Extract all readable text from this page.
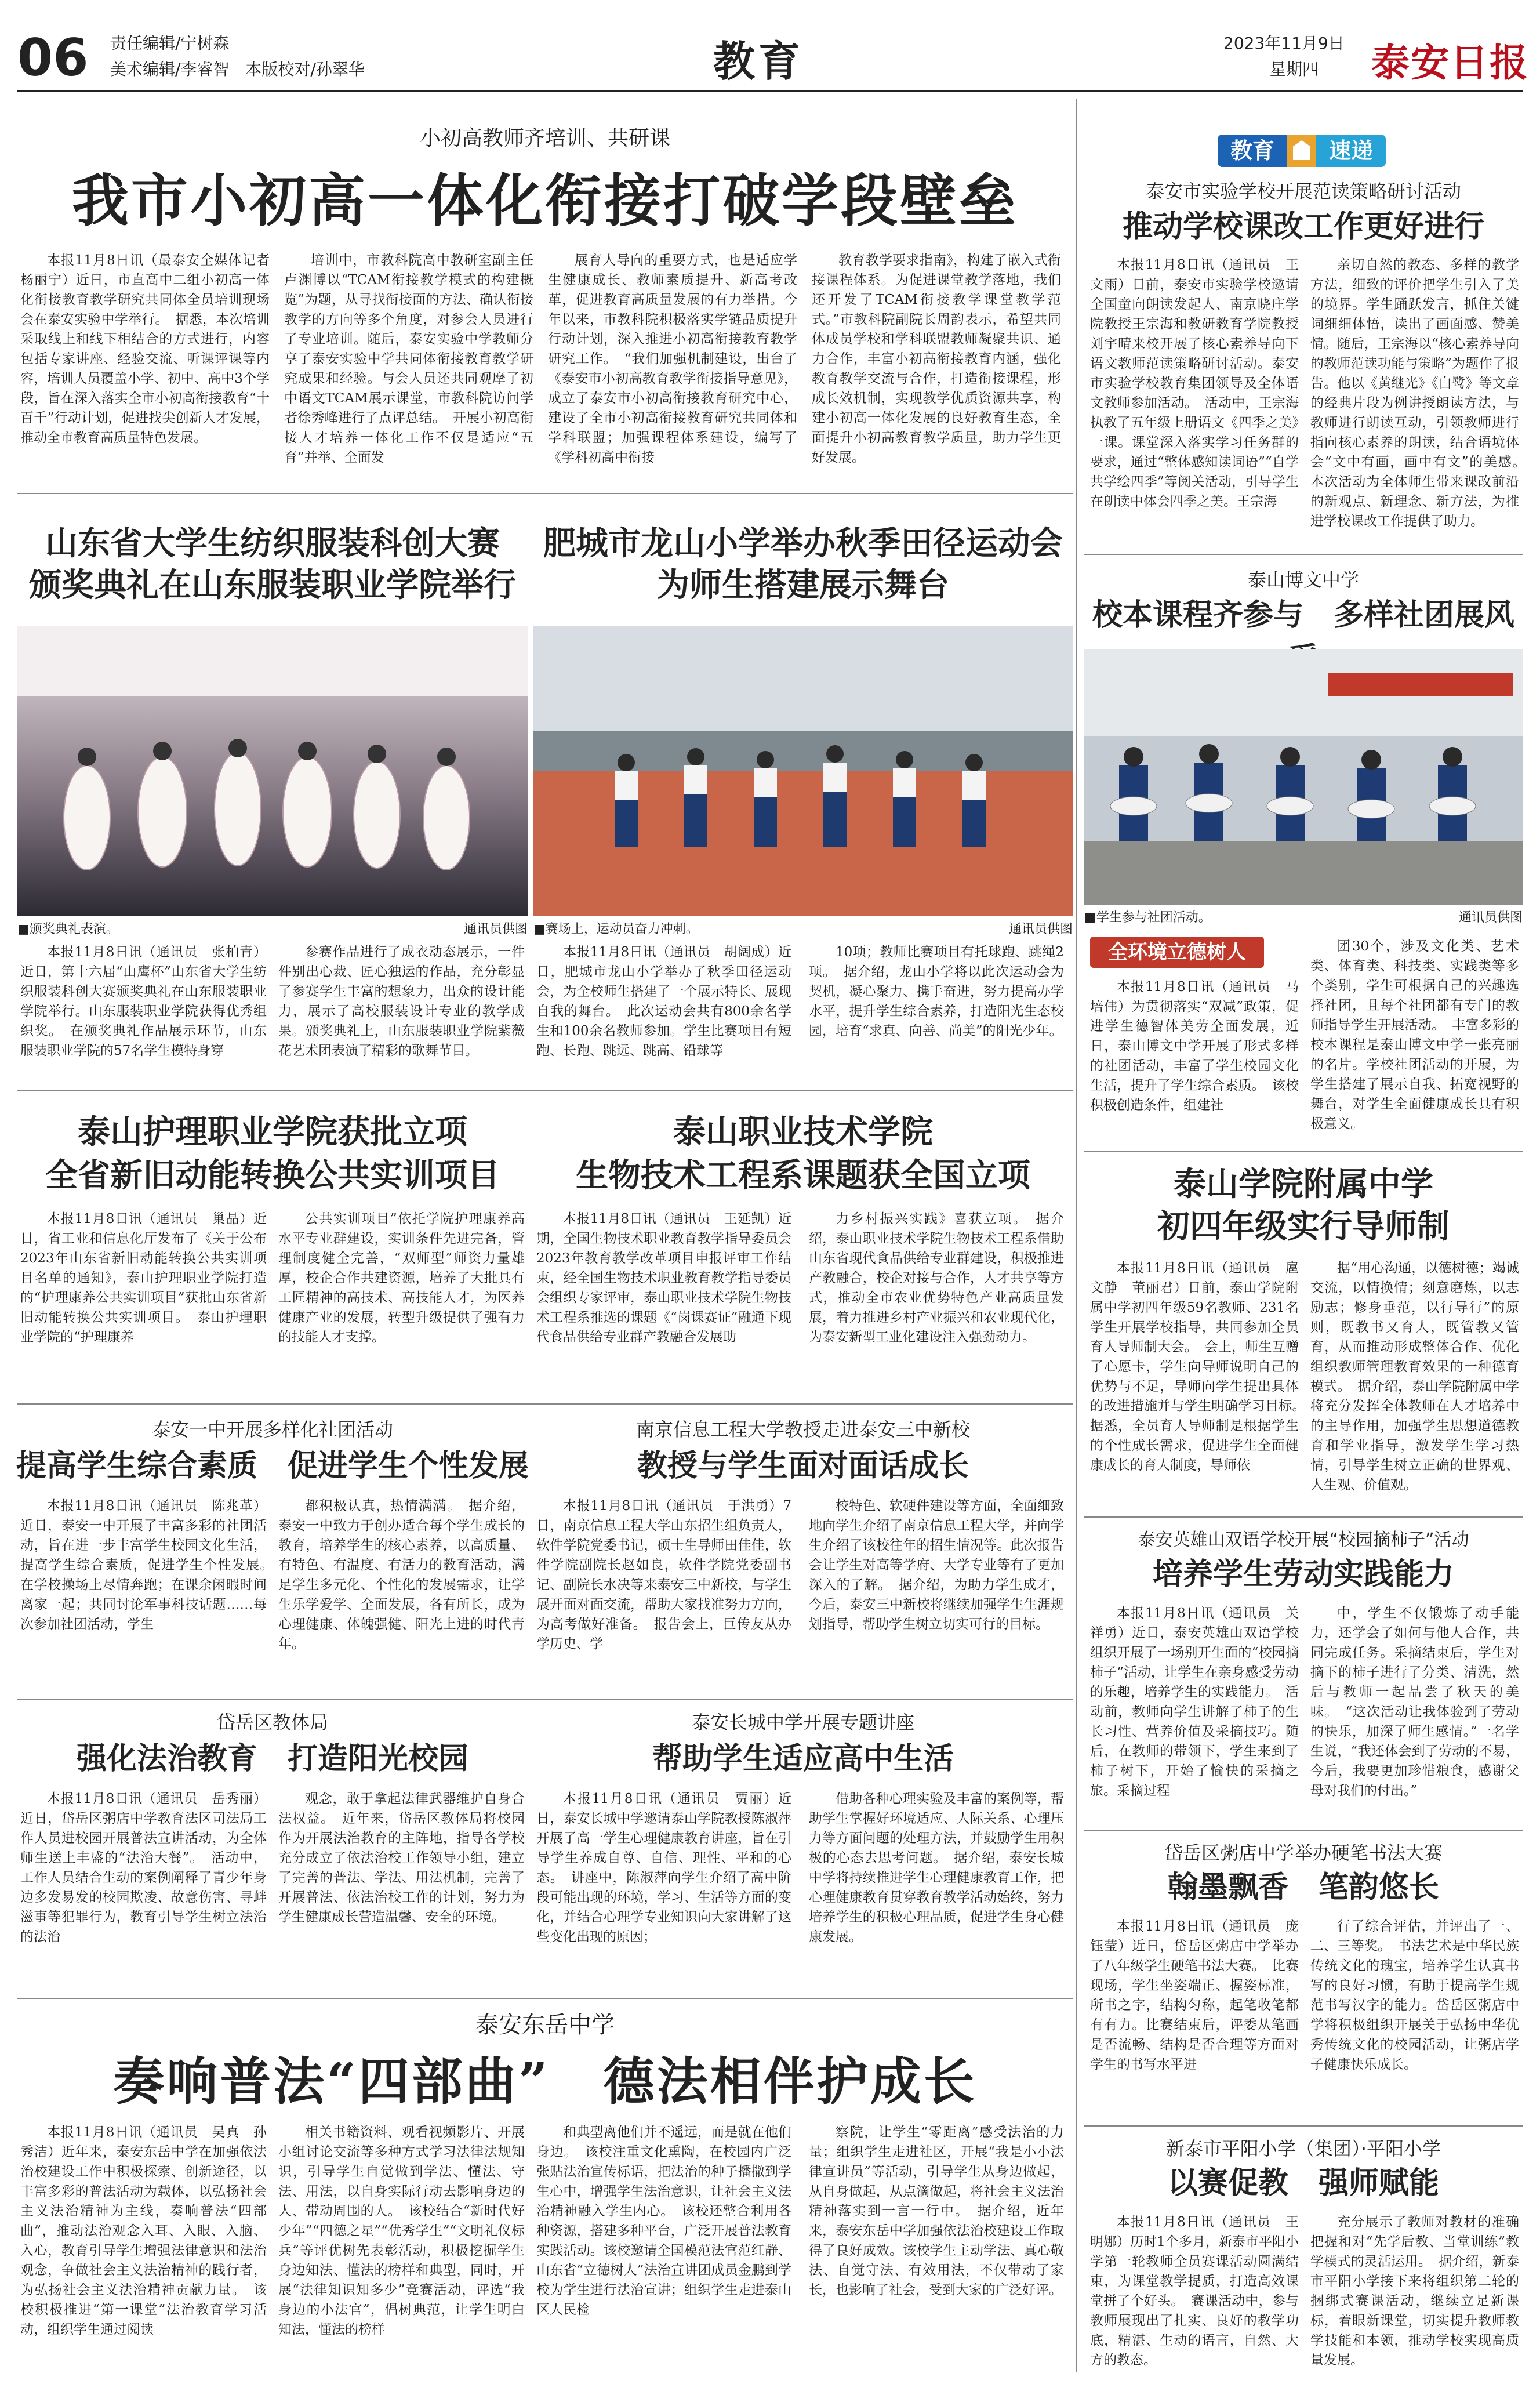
06 责任编辑/宁树森
美术编辑/李睿智　本版校对/孙翠华	教育	2023年11月9日
星期四 泰安日报
小初高教师齐培训、共研课
我市小初高一体化衔接打破学段壁垒
本报11月8日讯（最泰安全媒体记者　杨丽宁）近日，市直高中二组小初高一体化衔接教育教学研究共同体全员培训现场会在泰安实验中学举行。　据悉，本次培训采取线上和线下相结合的方式进行，内容包括专家讲座、经验交流、听课评课等内容，培训人员覆盖小学、初中、高中3个学段，旨在深入落实全市小初高衔接教育“十百千”行动计划，促进找尖创新人才发展，推动全市教育高质量特色发展。
培训中，市教科院高中教研室副主任卢渊博以“TCAM衔接教学模式的构建概览”为题，从寻找衔接面的方法、确认衔接教学的方向等多个角度，对参会人员进行了专业培训。随后，泰安实验中学教师分享了泰安实验中学共同体衔接教育教学研究成果和经验。与会人员还共同观摩了初中语文TCAM展示课堂，市教科院访问学者徐秀峰进行了点评总结。　开展小初高衔接人才培养一体化工作不仅是适应“五育”并举、全面发
展育人导向的重要方式，也是适应学生健康成长、教师素质提升、新高考改革，促进教育高质量发展的有力举措。今年以来，市教科院积极落实学链品质提升行动计划，深入推进小初高衔接教育教学研究工作。　“我们加强机制建设，出台了《泰安市小初高教育教学衔接指导意见》，成立了泰安市小初高衔接教育研究中心，建设了全市小初高衔接教育研究共同体和学科联盟；加强课程体系建设，编写了《学科初高中衔接
教育教学要求指南》，构建了嵌入式衔接课程体系。为促进课堂教学落地，我们还开发了TCAM衔接教学课堂教学范式。”市教科院副院长周韵表示，希望共同体成员学校和学科联盟教师凝聚共识、通力合作，丰富小初高衔接教育内涵，强化教育教学交流与合作，打造衔接课程，形成长效机制，实现教学优质资源共享，构建小初高一体化发展的良好教育生态，全面提升小初高教育教学质量，助力学生更好发展。
山东省大学生纺织服装科创大赛
颁奖典礼在山东服装职业学院举行
■颁奖典礼表演。	通讯员供图
本报11月8日讯（通讯员　张柏青）近日，第十六届“山鹰杯”山东省大学生纺织服装科创大赛颁奖典礼在山东服装职业学院举行。山东服装职业学院获得优秀组织奖。　在颁奖典礼作品展示环节，山东服装职业学院的57名学生模特身穿
参赛作品进行了成衣动态展示，一件件别出心裁、匠心独运的作品，充分彰显了参赛学生丰富的想象力，出众的设计能力，展示了高校服装设计专业的教学成果。颁奖典礼上，山东服装职业学院紫薇花艺术团表演了精彩的歌舞节目。
肥城市龙山小学举办秋季田径运动会
为师生搭建展示舞台
■赛场上，运动员奋力冲刺。	通讯员供图
本报11月8日讯（通讯员　胡阔成）近日，肥城市龙山小学举办了秋季田径运动会，为全校师生搭建了一个展示特长、展现自我的舞台。　此次运动会共有800余名学生和100余名教师参加。学生比赛项目有短跑、长跑、跳远、跳高、铅球等
10项；教师比赛项目有托球跑、跳绳2项。　据介绍，龙山小学将以此次运动会为契机，凝心聚力、携手奋进，努力提高办学水平，提升学生综合素养，打造阳光生态校园，培育“求真、向善、尚美”的阳光少年。
泰山护理职业学院获批立项
全省新旧动能转换公共实训项目
本报11月8日讯（通讯员　巢晶）近日，省工业和信息化厅发布了《关于公布2023年山东省新旧动能转换公共实训项目名单的通知》，泰山护理职业学院打造的“护理康养公共实训项目”获批山东省新旧动能转换公共实训项目。　泰山护理职业学院的“护理康养
公共实训项目”依托学院护理康养高水平专业群建设，实训条件先进完备，管理制度健全完善，“双师型”师资力量雄厚，校企合作共建资源，培养了大批具有工匠精神的高技术、高技能人才，为医养健康产业的发展，转型升级提供了强有力的技能人才支撑。
泰山职业技术学院
生物技术工程系课题获全国立项
本报11月8日讯（通讯员　王延凯）近期，全国生物技术职业教育教学指导委员会2023年教育教学改革项目申报评审工作结束，经全国生物技术职业教育教学指导委员会组织专家评审，泰山职业技术学院生物技术工程系推选的课题《“岗课赛证”融通下现代食品供给专业群产教融合发展助
力乡村振兴实践》喜获立项。　据介绍，泰山职业技术学院生物技术工程系借助山东省现代食品供给专业群建设，积极推进产教融合，校企对接与合作，人才共享等方式，推动全市农业优势特色产业高质量发展，着力推进乡村产业振兴和农业现代化，为泰安新型工业化建设注入强劲动力。
泰安一中开展多样化社团活动
提高学生综合素质　促进学生个性发展
本报11月8日讯（通讯员　陈兆革）近日，泰安一中开展了丰富多彩的社团活动，旨在进一步丰富学生校园文化生活，提高学生综合素质，促进学生个性发展。　在学校操场上尽情奔跑；在课余闲暇时间离家一起；共同讨论军事科技话题……每次参加社团活动，学生
都积极认真，热情满满。　据介绍，泰安一中致力于创办适合每个学生成长的教育，培养学生的核心素养，以高质量、有特色、有温度、有活力的教育活动，满足学生多元化、个性化的发展需求，让学生乐学爱学、全面发展，各有所长，成为心理健康、体魄强健、阳光上进的时代青年。
南京信息工程大学教授走进泰安三中新校
教授与学生面对面话成长
本报11月8日讯（通讯员　于洪勇）7日，南京信息工程大学山东招生组负责人，软件学院党委书记，硕士生导师田佳佳，软件学院副院长赵如良，软件学院党委副书记、副院长水决等来泰安三中新校，与学生展开面对面交流，帮助大家找准努力方向，为高考做好准备。　报告会上，巨传友从办学历史、学
校特色、软硬件建设等方面，全面细致地向学生介绍了南京信息工程大学，并向学生介绍了该校往年的招生情况等。此次报告会让学生对高等学府、大学专业等有了更加深入的了解。　据介绍，为助力学生成才，今后，泰安三中新校将继续加强学生生涯规划指导，帮助学生树立切实可行的目标。
岱岳区教体局
强化法治教育　打造阳光校园
本报11月8日讯（通讯员　岳秀丽）近日，岱岳区粥店中学教育法区司法局工作人员进校园开展普法宣讲活动，为全体师生送上丰盛的“法治大餐”。　活动中，工作人员结合生动的案例阐释了青少年身边多发易发的校园欺凌、故意伤害、寻衅滋事等犯罪行为，教育引导学生树立法治的法治
观念，敢于拿起法律武器维护自身合法权益。　近年来，岱岳区教体局将校园作为开展法治教育的主阵地，指导各学校充分成立了依法治校工作领导小组，建立了完善的普法、学法、用法机制，完善了开展普法、依法治校工作的计划，努力为学生健康成长营造温馨、安全的环境。
泰安长城中学开展专题讲座
帮助学生适应高中生活
本报11月8日讯（通讯员　贾丽）近日，泰安长城中学邀请泰山学院教授陈淑萍开展了高一学生心理健康教育讲座，旨在引导学生养成自尊、自信、理性、平和的心态。　讲座中，陈淑萍向学生介绍了高中阶段可能出现的环境，学习、生活等方面的变化，并结合心理学专业知识向大家讲解了这些变化出现的原因；
借助各种心理实验及丰富的案例等，帮助学生掌握好环境适应、人际关系、心理压力等方面问题的处理方法，并鼓励学生用积极的心态去思考问题。　据介绍，泰安长城中学将持续推进学生心理健康教育工作，把心理健康教育贯穿教育教学活动始终，努力培养学生的积极心理品质，促进学生身心健康发展。
泰安东岳中学
奏响普法“四部曲”　德法相伴护成长
本报11月8日讯（通讯员　吴真　孙秀洁）近年来，泰安东岳中学在加强依法治校建设工作中积极探索、创新途径，以丰富多彩的普法活动为载体，以弘扬社会主义法治精神为主线，奏响普法“四部曲”，推动法治观念入耳、入眼、入脑、入心，教育引导学生增强法律意识和法治观念，争做社会主义法治精神的践行者，为弘扬社会主义法治精神贡献力量。　该校积极推进“第一课堂”法治教育学习活动，组织学生通过阅读
相关书籍资料、观看视频影片、开展小组讨论交流等多种方式学习法律法规知识，引导学生自觉做到学法、懂法、守法、用法，以自身实际行动去影响身边的人、带动周围的人。　该校结合“新时代好少年”“四德之星”“优秀学生”“文明礼仪标兵”等评优树先表彰活动，积极挖掘学生身边知法、懂法的榜样和典型，同时，开展“法律知识知多少”竞赛活动，评选“我身边的小法官”，倡树典范，让学生明白知法，懂法的榜样
和典型离他们并不遥远，而是就在他们身边。　该校注重文化熏陶，在校园内广泛张贴法治宣传标语，把法治的种子播撒到学生心中，增强学生法治意识，让社会主义法治精神融入学生内心。　该校还整合利用各种资源，搭建多种平台，广泛开展普法教育实践活动。该校邀请全国模范法官范红静、山东省“立德树人”法治宣讲团成员金鹏到学校为学生进行法治宣讲；组织学生走进泰山区人民检
察院，让学生“零距离”感受法治的力量；组织学生走进社区，开展“我是小小法律宣讲员”等活动，引导学生从身边做起，从自身做起，从点滴做起，将社会主义法治精神落实到一言一行中。　据介绍，近年来，泰安东岳中学加强依法治校建设工作取得了良好成效。该校学生主动学法、真心敬法、自觉守法、有效用法，不仅带动了家长，也影响了社会，受到大家的广泛好评。
教育	速递
泰安市实验学校开展范读策略研讨活动
推动学校课改工作更好进行
本报11月8日讯（通讯员　王文雨）日前，泰安市实验学校邀请全国童向朗读发起人、南京晓庄学院教授王宗海和教研教育学院教授刘宇晴来校开展了核心素养导向下语文教师范读策略研讨活动。泰安市实验学校教育集团领导及全体语文教师参加活动。　活动中，王宗海执教了五年级上册语文《四季之美》一课。课堂深入落实学习任务群的要求，通过“整体感知读词语”“自学共学绘四季”等阅关活动，引导学生在朗读中体会四季之美。王宗海
亲切自然的教态、多样的教学方法，细致的评价把学生引入了美的境界。学生踊跃发言，抓住关键词细细体悟，读出了画面感、赞美情。随后，王宗海以“核心素养导向的教师范读功能与策略”为题作了报告。他以《黄继光》《白鹭》等文章的经典片段为例讲授朗读方法，与教师进行朗读互动，引领教师进行指向核心素养的朗读，结合语境体会“文中有画，画中有文”的美感。　本次活动为全体师生带来课改前沿的新观点、新理念、新方法，为推进学校课改工作提供了助力。
泰山博文中学
校本课程齐参与　多样社团展风
■学生参与社团活动。	通讯员供图
全环境立德树人
本报11月8日讯（通讯员　马培伟）为贯彻落实“双减”政策，促进学生德智体美劳全面发展，近日，泰山博文中学开展了形式多样的社团活动，丰富了学生校园文化生活，提升了学生综合素质。　该校积极创造条件，组建社
团30个，涉及文化类、艺术类、体育类、科技类、实践类等多个类别，学生可根据自己的兴趣选择社团，且每个社团都有专门的教师指导学生开展活动。　丰富多彩的校本课程是泰山博文中学一张亮丽的名片。学校社团活动的开展，为学生搭建了展示自我、拓宽视野的舞台，对学生全面健康成长具有积极意义。
泰山学院附属中学
初四年级实行导师制
本报11月8日讯（通讯员　扈文静　董丽君）日前，泰山学院附属中学初四年级59名教师、231名学生开展学校指导，共同参加全员育人导师制大会。　会上，师生互赠了心愿卡，学生向导师说明自己的优势与不足，导师向学生提出具体的改进措施并与学生明确学习目标。　据悉，全员育人导师制是根据学生的个性成长需求，促进学生全面健康成长的育人制度，导师依
据“用心沟通，以德树德；竭诚交流，以情换情；刻意磨炼，以志励志；修身垂范，以行导行”的原则，既教书又育人，既管教又管育，从而推动形成整体合作、优化组织教师管理教育效果的一种德育模式。　据介绍，泰山学院附属中学将充分发挥全体教师在人才培养中的主导作用，加强学生思想道德教育和学业指导，激发学生学习热情，引导学生树立正确的世界观、人生观、价值观。
泰安英雄山双语学校开展“校园摘柿子”活动
培养学生劳动实践能力
本报11月8日讯（通讯员　关祥勇）近日，泰安英雄山双语学校组织开展了一场别开生面的“校园摘柿子”活动，让学生在亲身感受劳动的乐趣，培养学生的实践能力。　活动前，教师向学生讲解了柿子的生长习性、营养价值及采摘技巧。随后，在教师的带领下，学生来到了柿子树下，开始了愉快的采摘之旅。采摘过程
中，学生不仅锻炼了动手能力，还学会了如何与他人合作，共同完成任务。采摘结束后，学生对摘下的柿子进行了分类、清洗，然后与教师一起品尝了秋天的美味。　“这次活动让我体验到了劳动的快乐，加深了师生感情。”一名学生说，“我还体会到了劳动的不易，今后，我要更加珍惜粮食，感谢父母对我们的付出。”
岱岳区粥店中学举办硬笔书法大赛
翰墨飘香　笔韵悠长
本报11月8日讯（通讯员　庞钰莹）近日，岱岳区粥店中学举办了八年级学生硬笔书法大赛。　比赛现场，学生坐姿端正、握姿标准，所书之字，结构匀称，起笔收笔都有有力。比赛结束后，评委从笔画是否流畅、结构是否合理等方面对学生的书写水平进
行了综合评估，并评出了一、二、三等奖。　书法艺术是中华民族传统文化的瑰宝，培养学生认真书写的良好习惯，有助于提高学生规范书写汉字的能力。岱岳区粥店中学将积极组织开展关于弘扬中华优秀传统文化的校园活动，让粥店学子健康快乐成长。
新泰市平阳小学（集团）·平阳小学
以赛促教　强师赋能
本报11月8日讯（通讯员　王明娜）历时1个多月，新泰市平阳小学第一轮教师全员赛课活动圆满结束，为课堂教学提质，打造高效课堂拼了个好头。　赛课活动中，参与教师展现出了扎实、良好的教学功底，精湛、生动的语言，自然、大方的教态。
充分展示了教师对教材的准确把握和对“先学后教、当堂训练”教学模式的灵活运用。　据介绍，新泰市平阳小学接下来将组织第二轮的捆绑式赛课活动，继续立足新课标，着眼新课堂，切实提升教师教学技能和本领，推动学校实现高质量发展。
